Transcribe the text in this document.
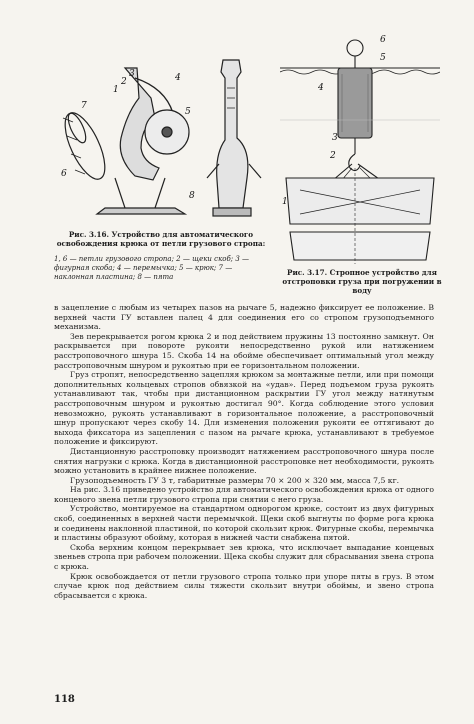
1
2
3	4
5
6
7
8
Рис. 3.16. Устройство для автоматического освобождения крюка от петли грузового стропа:
1, 6 — петли грузового стропа; 2 — щеки скоб; 3 — фигурная скоба; 4 — перемычка; 5 — крюк; 7 — наклонная пластина; 8 — пята
6
5
4
3
2
1
Рис. 3.17. Стропное устройство для отстроповки груза при погружении в воду

в зацепление с любым из четырех пазов на рычаге 5, надежно фиксирует ее положение. В верхней части ГУ вставлен палец 4 для соединения его со стропом грузоподъемного механизма.

Зев перекрывается рогом крюка 2 и под действием пружины 13 постоянно замкнут. Он раскрывается при повороте рукояти непосредственно рукой или натяжением расстроповочного шнура 15. Скоба 14 на обойме обеспечивает оптимальный угол между расстроповочным шнуром и рукоятью при ее горизонтальном положении.

Груз стропят, непосредственно зацепляя крюком за монтажные петли, или при помощи дополнительных кольцевых стропов обвязкой на «удав». Перед подъемом груза рукоять устанавливают так, чтобы при дистанционном раскрытии ГУ угол между натянутым расстроповочным шнуром и рукоятью достигал 90°. Когда соблюдение этого условия невозможно, рукоять устанавливают в горизонтальное положение, а расстроповочный шнур пропускают через скобу 14. Для изменения положения рукояти ее оттягивают до выхода фиксатора из зацепления с пазом на рычаге крюка, устанавливают в требуемое положение и фиксируют.

Дистанционную расстроповку производят натяжением расстроповочного шнура после снятия нагрузки с крюка. Когда в дистанционной расстроповке нет необходимости, рукоять можно установить в крайнее нижнее положение.

Грузоподъемность ГУ 3 т, габаритные размеры 70 × 200 × 320 мм, масса 7,5 кг.

На рис. 3.16 приведено устройство для автоматического освобождения крюка от одного концевого звена петли грузового стропа при снятии с него груза.

Устройство, монтируемое на стандартном однорогом крюке, состоит из двух фигурных скоб, соединенных в верхней части перемычкой. Щеки скоб выгнуты по форме рога крюка и соединены наклонной пластиной, по которой скользит крюк. Фигурные скобы, перемычка и пластины образуют обойму, которая в нижней части снабжена пятой.

Скоба верхним концом перекрывает зев крюка, что исключает выпадание концевых звеньев стропа при рабочем положении. Щека скобы служит для сбрасывания звена стропа с крюка.

Крюк освобождается от петли грузового стропа только при упоре пяты в груз. В этом случае крюк под действием силы тяжести скользит внутри обоймы, и звено стропа сбрасывается с крюка.

118
